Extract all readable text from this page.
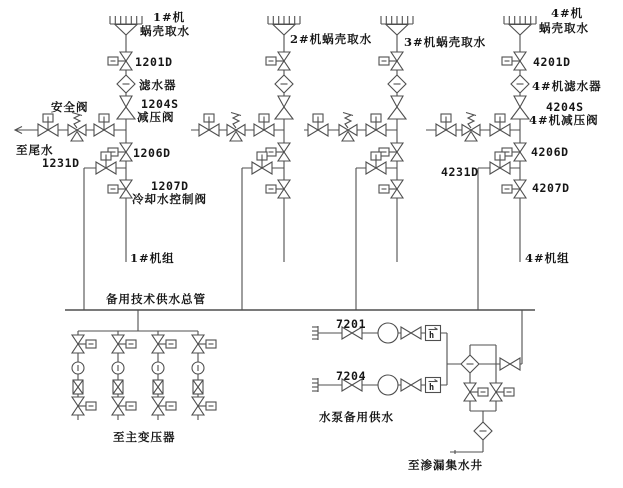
1#机
蜗壳取水
1201D
滤水器
1204S
减压阀
安全阀
至尾水	1206D
1231D
1207D
冷却水控制阀
1#机组
2#机蜗壳取水	3#机蜗壳取水
4#机
蜗壳取水
4201D
4#机滤水器
4204S
4#机减压阀
4206D
4231D
4207D
4#机组
备用技术供水总管
至主变压器
h
7201
h
7204
水泵备用供水
至渗漏集水井
